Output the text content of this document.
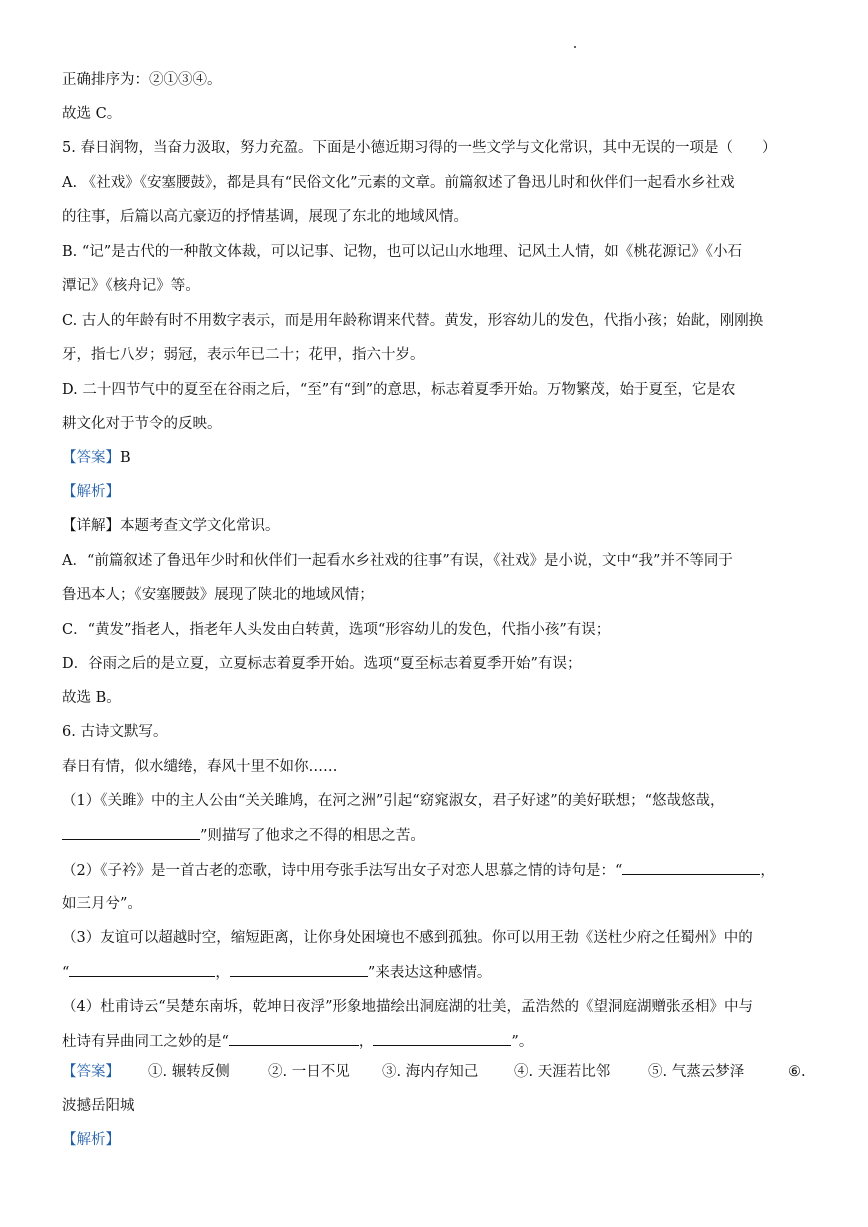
正确排序为：②①③④。
故选 C。
5. 春日润物，当奋力汲取，努力充盈。下面是小德近期习得的一些文学与文化常识，其中无误的一项是（　　）
A. 《社戏》《安塞腰鼓》，都是具有“民俗文化”元素的文章。前篇叙述了鲁迅儿时和伙伴们一起看水乡社戏
的往事，后篇以高亢豪迈的抒情基调，展现了东北的地域风情。
B. “记”是古代的一种散文体裁，可以记事、记物，也可以记山水地理、记风土人情，如《桃花源记》《小石
潭记》《核舟记》等。
C. 古人的年龄有时不用数字表示，而是用年龄称谓来代替。黄发，形容幼儿的发色，代指小孩；始龀，刚刚换
牙，指七八岁；弱冠，表示年已二十；花甲，指六十岁。
D. 二十四节气中的夏至在谷雨之后，“至”有“到”的意思，标志着夏季开始。万物繁茂，始于夏至，它是农
耕文化对于节令的反映。
【答案】B
【解析】
【详解】本题考查文学文化常识。
A．“前篇叙述了鲁迅年少时和伙伴们一起看水乡社戏的往事”有误，《社戏》是小说，文中“我”并不等同于
鲁迅本人；《安塞腰鼓》展现了陕北的地域风情；
C．“黄发”指老人，指老年人头发由白转黄，选项“形容幼儿的发色，代指小孩”有误；
D．谷雨之后的是立夏，立夏标志着夏季开始。选项“夏至标志着夏季开始”有误；
故选 B。
6. 古诗文默写。
春日有情，似水缱绻，春风十里不如你……
（1）《关雎》中的主人公由“关关雎鸠，在河之洲”引起“窈窕淑女，君子好逑”的美好联想；“悠哉悠哉，
”则描写了他求之不得的相思之苦。
（2）《子衿》是一首古老的恋歌，诗中用夸张手法写出女子对恋人思慕之情的诗句是：“	，
如三月兮”。
（3）友谊可以超越时空，缩短距离，让你身处困境也不感到孤独。你可以用王勃《送杜少府之任蜀州》中的
“	，	”来表达这种感情。
（4）杜甫诗云“吴楚东南坼，乾坤日夜浮”形象地描绘出洞庭湖的壮美，孟浩然的《望洞庭湖赠张丞相》中与
杜诗有异曲同工之妙的是“	，	”。
【答案】 ①. 辗转反侧	②. 一日不见 ③. 海内存知己 ④. 天涯若比邻	⑤. 气蒸云梦泽	⑥.
波撼岳阳城
【解析】
